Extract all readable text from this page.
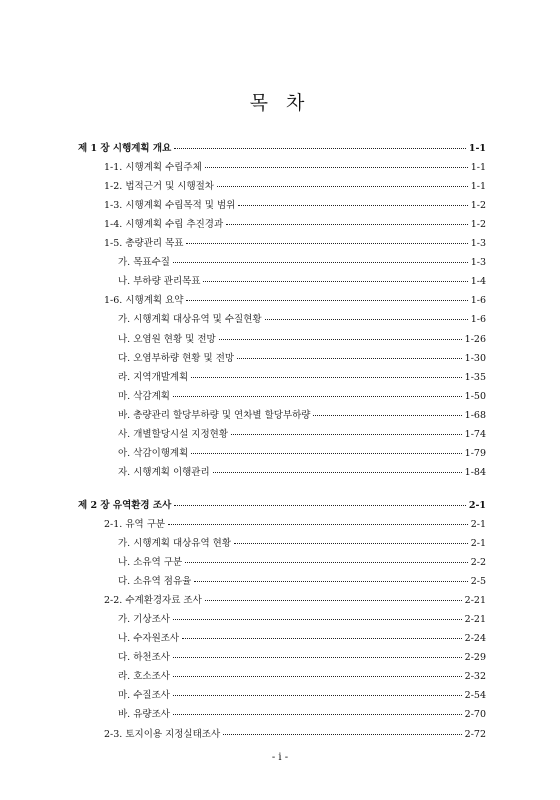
목 차
제 1 장 시행계획 개요	1-1
1-1. 시행계획 수립주체	1-1
1-2. 법적근거 및 시행절차	1-1
1-3. 시행계획 수립목적 및 범위	1-2
1-4. 시행계획 수립 추진경과	1-2
1-5. 총량관리 목표	1-3
가. 목표수질	1-3
나. 부하량 관리목표	1-4
1-6. 시행계획 요약	1-6
가. 시행계획 대상유역 및 수질현황	1-6
나. 오염원 현황 및 전망	1-26
다. 오염부하량 현황 및 전망	1-30
라. 지역개발계획	1-35
마. 삭감계획	1-50
바. 총량관리 할당부하량 및 연차별 할당부하량	1-68
사. 개별할당시설 지정현황	1-74
아. 삭감이행계획	1-79
자. 시행계획 이행관리	1-84
제 2 장 유역환경 조사	2-1
2-1. 유역 구분	2-1
가. 시행계획 대상유역 현황	2-1
나. 소유역 구분	2-2
다. 소유역 점유율	2-5
2-2. 수계환경자료 조사	2-21
가. 기상조사	2-21
나. 수자원조사	2-24
다. 하천조사	2-29
라. 호소조사	2-32
마. 수질조사	2-54
바. 유량조사	2-70
2-3. 토지이용 지정실태조사	2-72
- i -
